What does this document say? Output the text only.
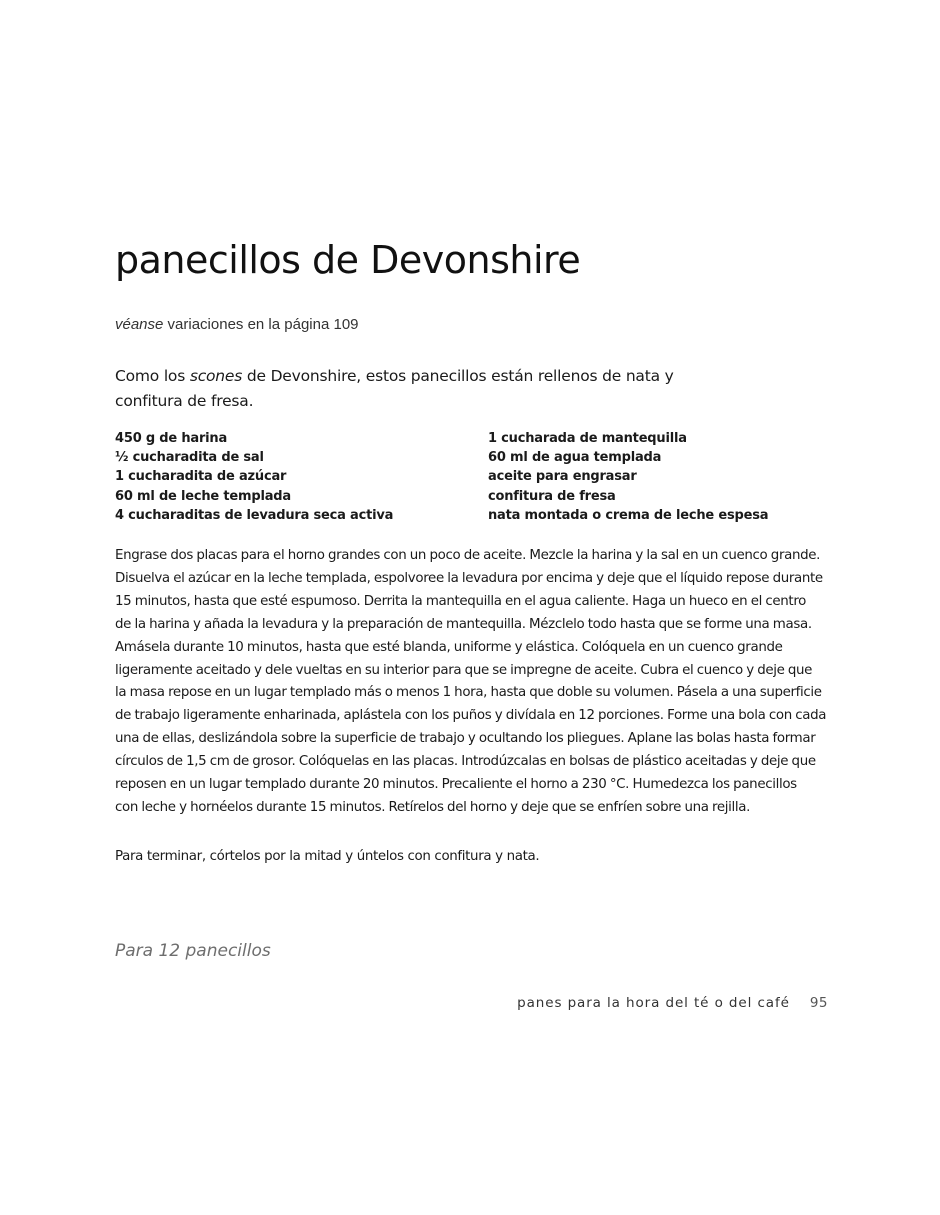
panecillos de Devonshire
véanse variaciones en la página 109

Como los scones de Devonshire, estos panecillos están rellenos de nata y confitura de fresa.

450 g de harina
½ cucharadita de sal
1 cucharadita de azúcar
60 ml de leche templada
4 cucharaditas de levadura seca activa
1 cucharada de mantequilla
60 ml de agua templada
aceite para engrasar
confitura de fresa
nata montada o crema de leche espesa

Engrase dos placas para el horno grandes con un poco de aceite. Mezcle la harina y la sal en un cuenco grande.
Disuelva el azúcar en la leche templada, espolvoree la levadura por encima y deje que el líquido repose durante
15 minutos, hasta que esté espumoso. Derrita la mantequilla en el agua caliente. Haga un hueco en el centro
de la harina y añada la levadura y la preparación de mantequilla. Mézclelo todo hasta que se forme una masa.
Amásela durante 10 minutos, hasta que esté blanda, uniforme y elástica. Colóquela en un cuenco grande
ligeramente aceitado y dele vueltas en su interior para que se impregne de aceite. Cubra el cuenco y deje que
la masa repose en un lugar templado más o menos 1 hora, hasta que doble su volumen. Pásela a una superficie
de trabajo ligeramente enharinada, aplástela con los puños y divídala en 12 porciones. Forme una bola con cada
una de ellas, deslizándola sobre la superficie de trabajo y ocultando los pliegues. Aplane las bolas hasta formar
círculos de 1,5 cm de grosor. Colóquelas en las placas. Introdúzcalas en bolsas de plástico aceitadas y deje que
reposen en un lugar templado durante 20 minutos. Precaliente el horno a 230 °C. Humedezca los panecillos
con leche y hornéelos durante 15 minutos. Retírelos del horno y deje que se enfríen sobre una rejilla.

Para terminar, córtelos por la mitad y úntelos con confitura y nata.

Para 12 panecillos

panes para la hora del té o del café 95
